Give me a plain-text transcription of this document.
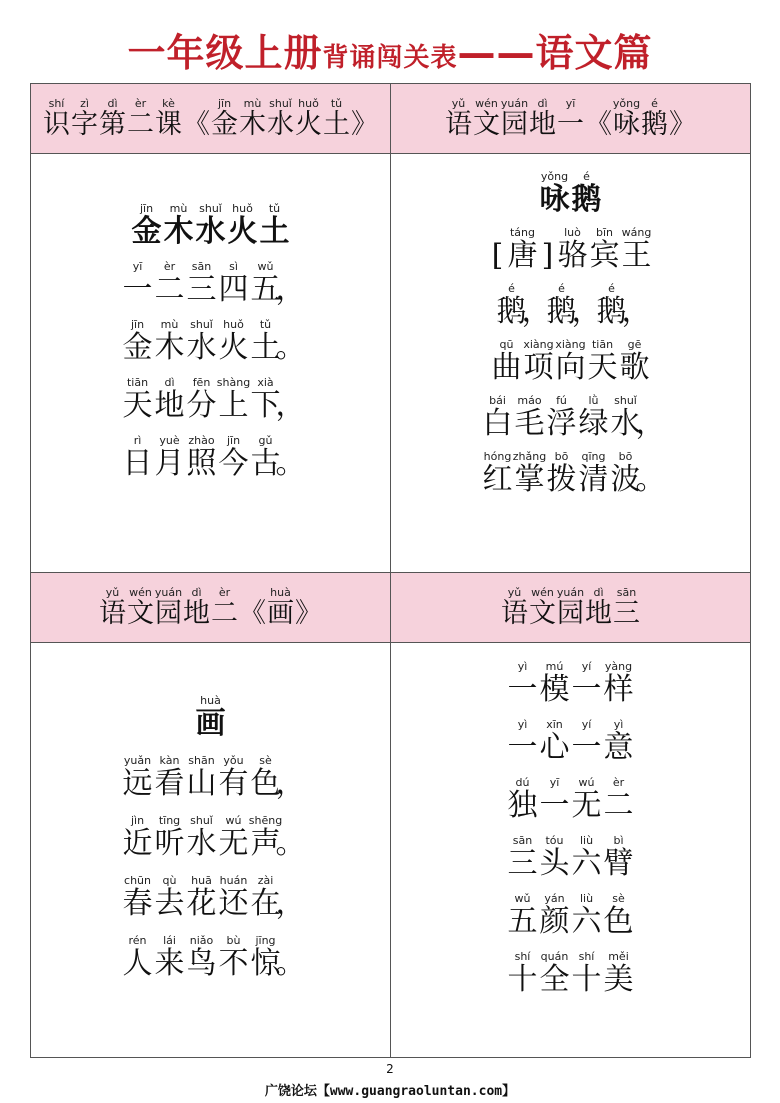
一年级上册背诵闯关表——语文篇
shí
识
zì
字
dì
第
èr
二
kè
课
《
jīn
金
mù
木
shuǐ
水
huǒ
火
tǔ
土
》
yǔ
语
wén
文
yuán
园
dì
地
yī
一
《
yǒng
咏
é
鹅
》
yǔ
语
wén
文
yuán
园
dì
地
èr
二
《
huà
画
》
yǔ
语
wén
文
yuán
园
dì
地
sān
三
jīn
金
mù
木
shuǐ
水
huǒ
火
tǔ
土
yī
一
èr
二
sān
三
sì
四
wǔ
五

，
jīn
金
mù
木
shuǐ
水
huǒ
火
tǔ
土

。
tiān
天
dì
地
fēn
分
shàng
上
xià
下

，
rì
日
yuè
月
zhào
照
jīn
今
gǔ
古

。
yǒng
咏
é
鹅

[
táng
唐
]
luò
骆
bīn
宾
wáng
王
é
鹅

，
é
鹅

，
é
鹅

，
qū
曲
xiàng
项
xiàng
向
tiān
天
gē
歌
bái
白
máo
毛
fú
浮
lǜ
绿
shuǐ
水

，
hóng
红
zhǎng
掌
bō
拨
qīng
清
bō
波

。
huà
画
yuǎn
远
kàn
看
shān
山
yǒu
有
sè
色

，
jìn
近
tīng
听
shuǐ
水
wú
无
shēng
声

。
chūn
春
qù
去
huā
花
huán
还
zài
在

，
rén
人
lái
来
niǎo
鸟
bù
不
jīng
惊

。
yì
一
mú
模
yí
一
yàng
样
yì
一
xīn
心
yí
一
yì
意
dú
独
yī
一
wú
无
èr
二
sān
三
tóu
头
liù
六
bì
臂
wǔ
五
yán
颜
liù
六
sè
色
shí
十
quán
全
shí
十
měi
美
2
广饶论坛【www.guangraoluntan.com】
